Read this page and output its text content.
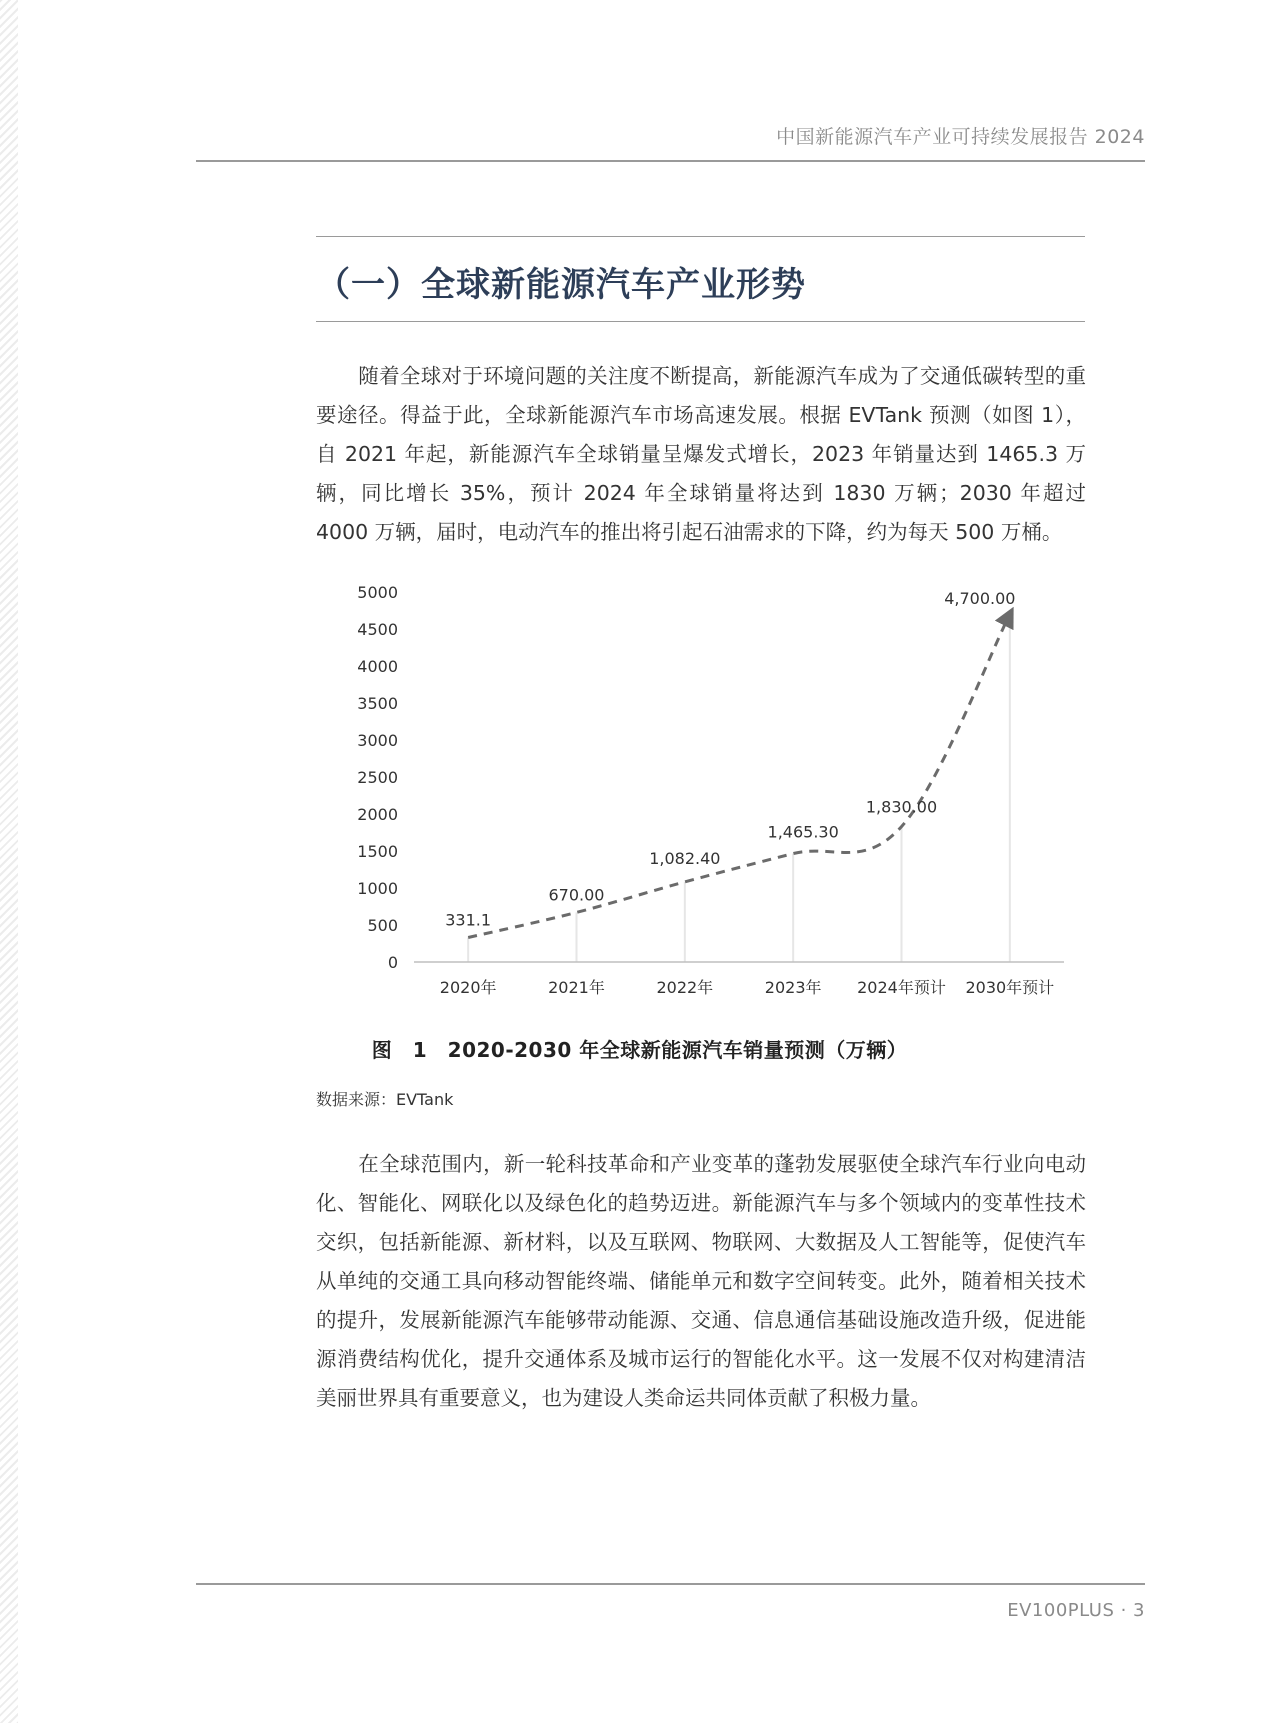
中国新能源汽车产业可持续发展报告 2024
（一）全球新能源汽车产业形势
随着全球对于环境问题的关注度不断提高，新能源汽车成为了交通低碳转型的重要途径。得益于此，全球新能源汽车市场高速发展。根据 EVTank 预测（如图 1），自 2021 年起，新能源汽车全球销量呈爆发式增长，2023 年销量达到 1465.3 万辆，同比增长 35%，预计 2024 年全球销量将达到 1830 万辆；2030 年超过 4000 万辆，届时，电动汽车的推出将引起石油需求的下降，约为每天 500 万桶。
0
500
1000
1500
2000
2500
3000
3500
4000
4500
5000
2020年	2021年	2022年	2023年 2024年预计 2030年预计
331.1
670.00
1,082.40
1,465.30
1,830.00
4,700.00
图　1　2020-2030 年全球新能源汽车销量预测（万辆）
数据来源：EVTank
在全球范围内，新一轮科技革命和产业变革的蓬勃发展驱使全球汽车行业向电动化、智能化、网联化以及绿色化的趋势迈进。新能源汽车与多个领域内的变革性技术交织，包括新能源、新材料，以及互联网、物联网、大数据及人工智能等，促使汽车从单纯的交通工具向移动智能终端、储能单元和数字空间转变。此外，随着相关技术的提升，发展新能源汽车能够带动能源、交通、信息通信基础设施改造升级，促进能源消费结构优化，提升交通体系及城市运行的智能化水平。这一发展不仅对构建清洁美丽世界具有重要意义，也为建设人类命运共同体贡献了积极力量。
EV100PLUS · 3
